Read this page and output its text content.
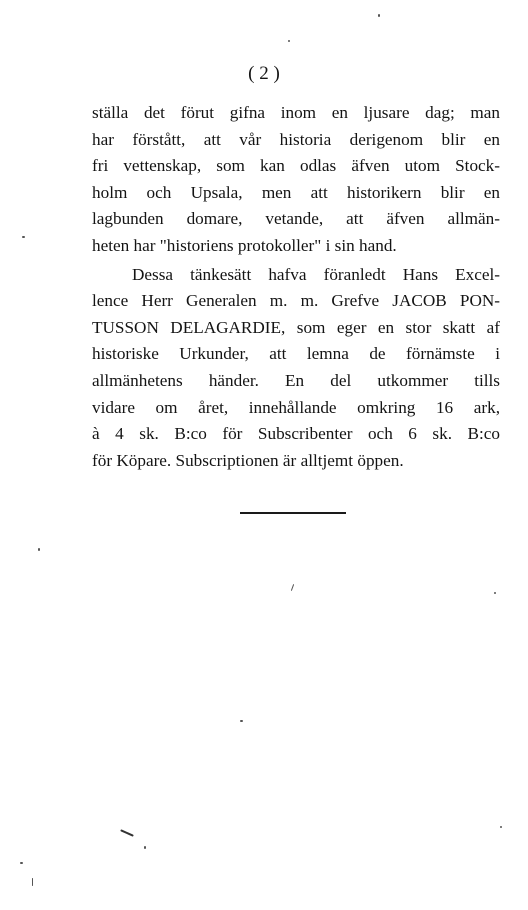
( 2 )
ställa det förut gifna inom en ljusare dag; man
har förstått, att vår historia derigenom blir en
fri vettenskap, som kan odlas äfven utom Stock-
holm och Upsala, men att historikern blir en
lagbunden domare, vetande, att äfven allmän-
heten har "historiens protokoller" i sin hand.
Dessa tänkesätt hafva föranledt Hans Excel-
lence Herr Generalen m. m. Grefve JACOB PON-
TUSSON DELAGARDIE, som eger en stor skatt af
historiske Urkunder, att lemna de förnämste i
allmänhetens händer. En del utkommer tills
vidare om året, innehållande omkring 16 ark,
à 4 sk. B:co för Subscribenter och 6 sk. B:co
för Köpare. Subscriptionen är alltjemt öppen.
